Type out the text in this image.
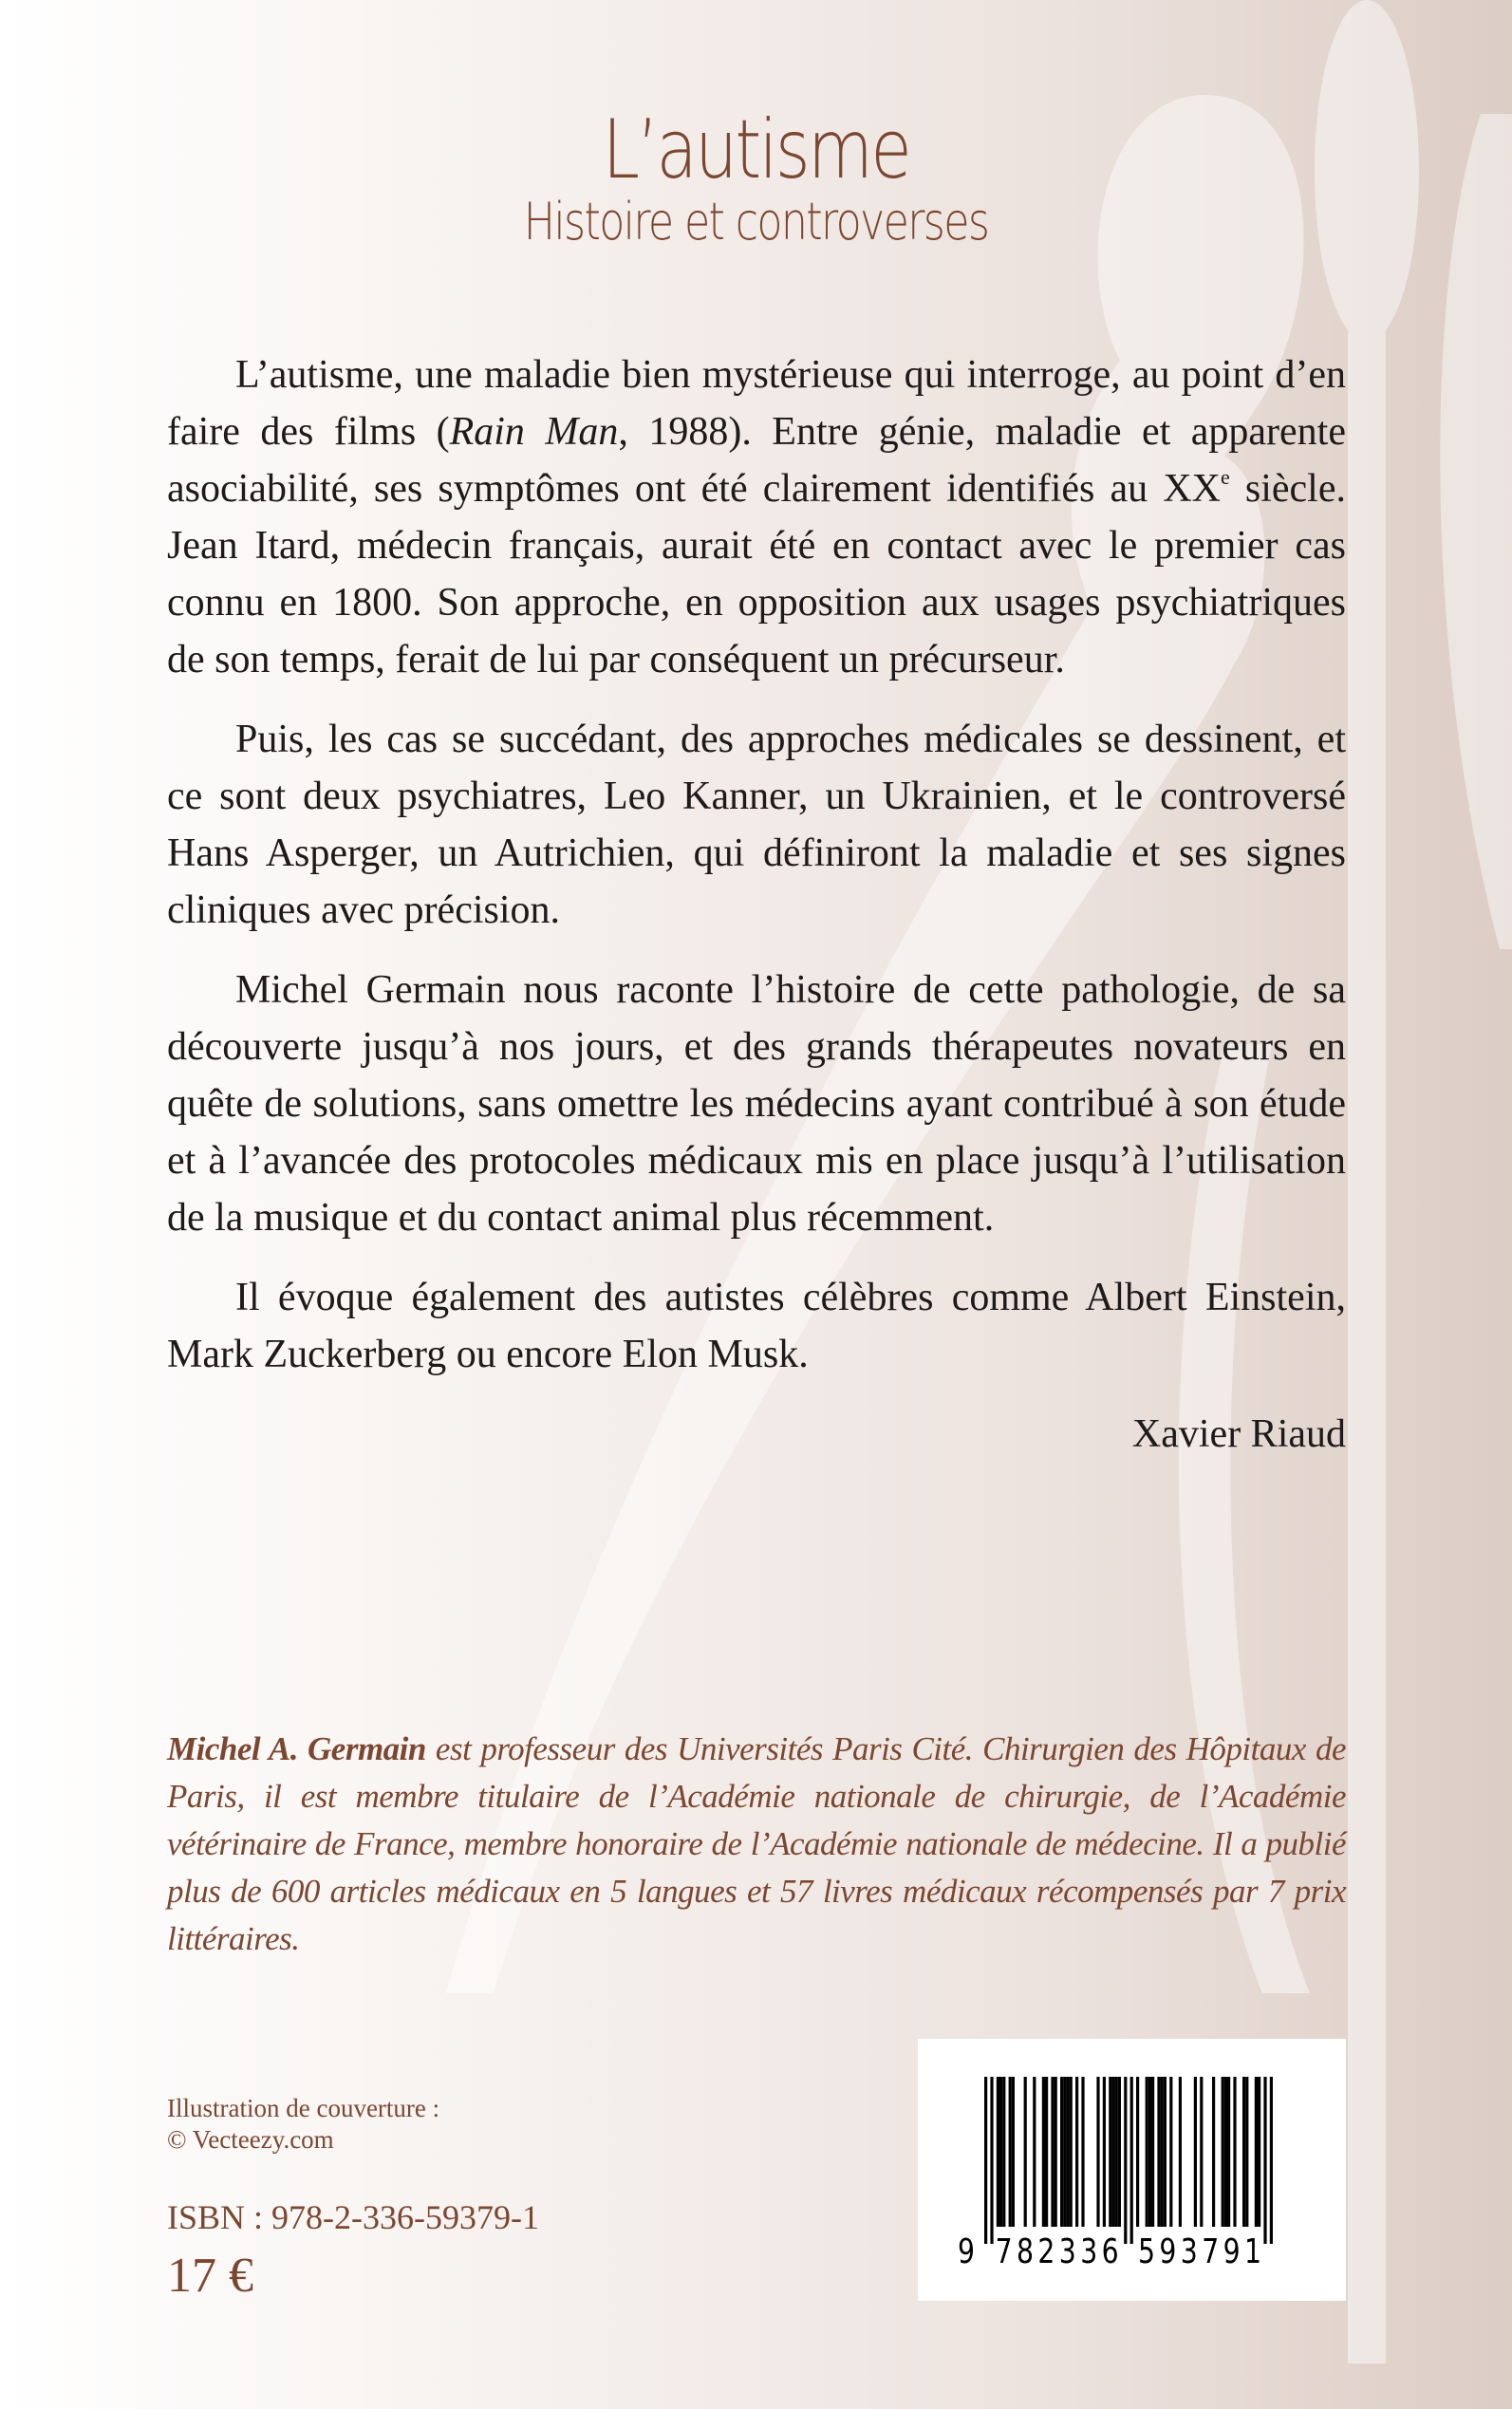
L’autisme
Histoire et controverses

L’autisme, une maladie bien mystérieuse qui interroge, au point d’en faire des films (Rain Man, 1988). Entre génie, maladie et apparente asociabilité, ses symptômes ont été clairement identifiés au XXe siècle. Jean Itard, médecin français, aurait été en contact avec le premier cas connu en 1800. Son approche, en opposition aux usages psychiatriques de son temps, ferait de lui par conséquent un précurseur.

Puis, les cas se succédant, des approches médicales se dessinent, et ce sont deux psychiatres, Leo Kanner, un Ukrainien, et le controversé Hans Asperger, un Autrichien, qui définiront la maladie et ses signes cliniques avec précision.

Michel Germain nous raconte l’histoire de cette pathologie, de sa découverte jusqu’à nos jours, et des grands thérapeutes novateurs en quête de solutions, sans omettre les médecins ayant contribué à son étude et à l’avancée des protocoles médicaux mis en place jusqu’à l’utilisation de la musique et du contact animal plus récemment.

Il évoque également des autistes célèbres comme Albert Einstein, Mark Zuckerberg ou encore Elon Musk.

Xavier Riaud

Michel A. Germain est professeur des Universités Paris Cité. Chirurgien des Hôpitaux de Paris, il est membre titulaire de l’Académie nationale de chirurgie, de l’Académie vétérinaire de France, membre honoraire de l’Académie nationale de médecine. Il a publié plus de 600 articles médicaux en 5 langues et 57 livres médicaux récompensés par 7 prix littéraires.
Illustration de couverture :
© Vecteezy.com
ISBN : 978-2-336-59379-1
17 €	9 7 8 2 3 3 6 5 9 3 7 9 1
